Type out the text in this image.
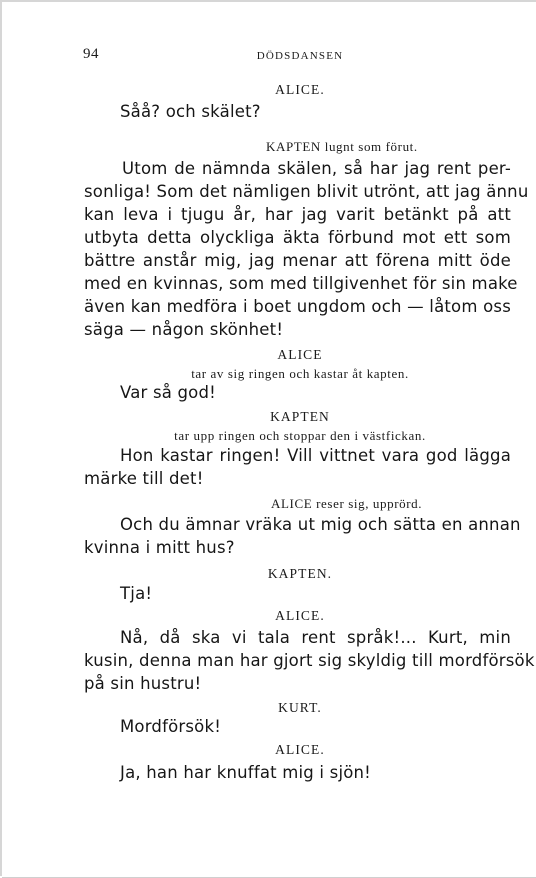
94	DÖDSDANSEN

ALICE.

Såå? och skälet?

KAPTEN lugnt som förut.

Utom de nämnda skälen, så har jag rent per-

sonliga! Som det nämligen blivit utrönt, att jag ännu

kan leva i tjugu år, har jag varit betänkt på att

utbyta detta olyckliga äkta förbund mot ett som

bättre anstår mig, jag menar att förena mitt öde

med en kvinnas, som med tillgivenhet för sin make

även kan medföra i boet ungdom och — låtom oss

säga — någon skönhet!

ALICE

tar av sig ringen och kastar åt kapten.

Var så god!

KAPTEN

tar upp ringen och stoppar den i västfickan.

Hon kastar ringen! Vill vittnet vara god lägga

märke till det!

ALICE reser sig, upprörd.

Och du ämnar vräka ut mig och sätta en annan

kvinna i mitt hus?

KAPTEN.

Tja!

ALICE.

Nå, då ska vi tala rent språk!... Kurt, min

kusin, denna man har gjort sig skyldig till mordförsök

på sin hustru!

KURT.

Mordförsök!

ALICE.

Ja, han har knuffat mig i sjön!
